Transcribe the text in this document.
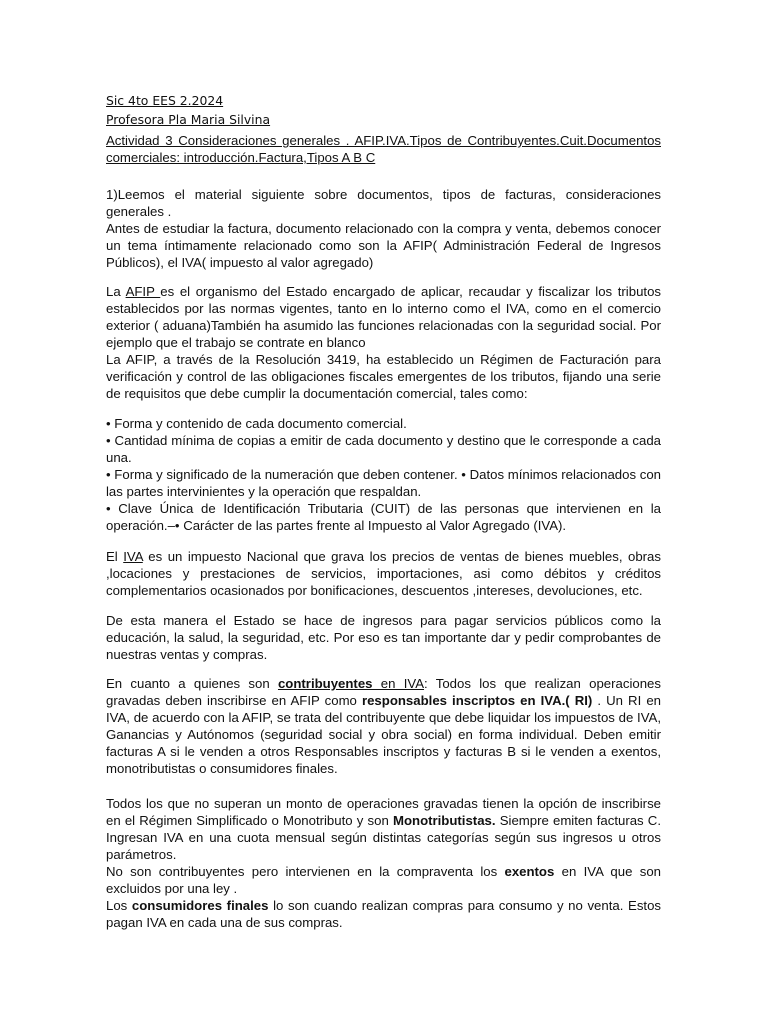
Sic 4to EES 2.2024

Profesora Pla Maria Silvina

Actividad 3 Consideraciones generales . AFIP.IVA.Tipos de Contribuyentes.Cuit.Documentos comerciales: introducción.Factura,Tipos A B C

1)Leemos el material siguiente sobre documentos, tipos de facturas, consideraciones generales .

Antes de estudiar la factura, documento relacionado con la compra y venta, debemos conocer un tema íntimamente relacionado como son la AFIP( Administración Federal de Ingresos Públicos), el IVA( impuesto al valor agregado)

La AFIP es el organismo del Estado encargado de aplicar, recaudar y fiscalizar los tributos establecidos por las normas vigentes, tanto en lo interno como el IVA, como en el comercio exterior ( aduana)También ha asumido las funciones relacionadas con la seguridad social. Por ejemplo que el trabajo se contrate en blanco

La AFIP, a través de la Resolución 3419, ha establecido un Régimen de Facturación para verificación y control de las obligaciones fiscales emergentes de los tributos, fijando una serie de requisitos que debe cumplir la documentación comercial, tales como:

• Forma y contenido de cada documento comercial.

• Cantidad mínima de copias a emitir de cada documento y destino que le corresponde a cada una.

• Forma y significado de la numeración que deben contener. • Datos mínimos relacionados con las partes intervinientes y la operación que respaldan.

• Clave Única de Identificación Tributaria (CUIT) de las personas que intervienen en la operación.–• Carácter de las partes frente al Impuesto al Valor Agregado (IVA).

El IVA es un impuesto Nacional que grava los precios de ventas de bienes muebles, obras ,locaciones y prestaciones de servicios, importaciones, asi como débitos y créditos complementarios ocasionados por bonificaciones, descuentos ,intereses, devoluciones, etc.

De esta manera el Estado se hace de ingresos para pagar servicios públicos como la educación, la salud, la seguridad, etc. Por eso es tan importante dar y pedir comprobantes de nuestras ventas y compras.

En cuanto a quienes son contribuyentes en IVA: Todos los que realizan operaciones gravadas deben inscribirse en AFIP como responsables inscriptos en IVA.( RI) . Un RI en IVA, de acuerdo con la AFIP, se trata del contribuyente que debe liquidar los impuestos de IVA, Ganancias y Autónomos (seguridad social y obra social) en forma individual. Deben emitir facturas A si le venden a otros Responsables inscriptos y facturas B si le venden a exentos, monotributistas o consumidores finales.

Todos los que no superan un monto de operaciones gravadas tienen la opción de inscribirse en el Régimen Simplificado o Monotributo y son Monotributistas. Siempre emiten facturas C. Ingresan IVA en una cuota mensual según distintas categorías según sus ingresos u otros parámetros.

No son contribuyentes pero intervienen en la compraventa los exentos en IVA que son excluidos por una ley .

Los consumidores finales lo son cuando realizan compras para consumo y no venta. Estos pagan IVA en cada una de sus compras.
